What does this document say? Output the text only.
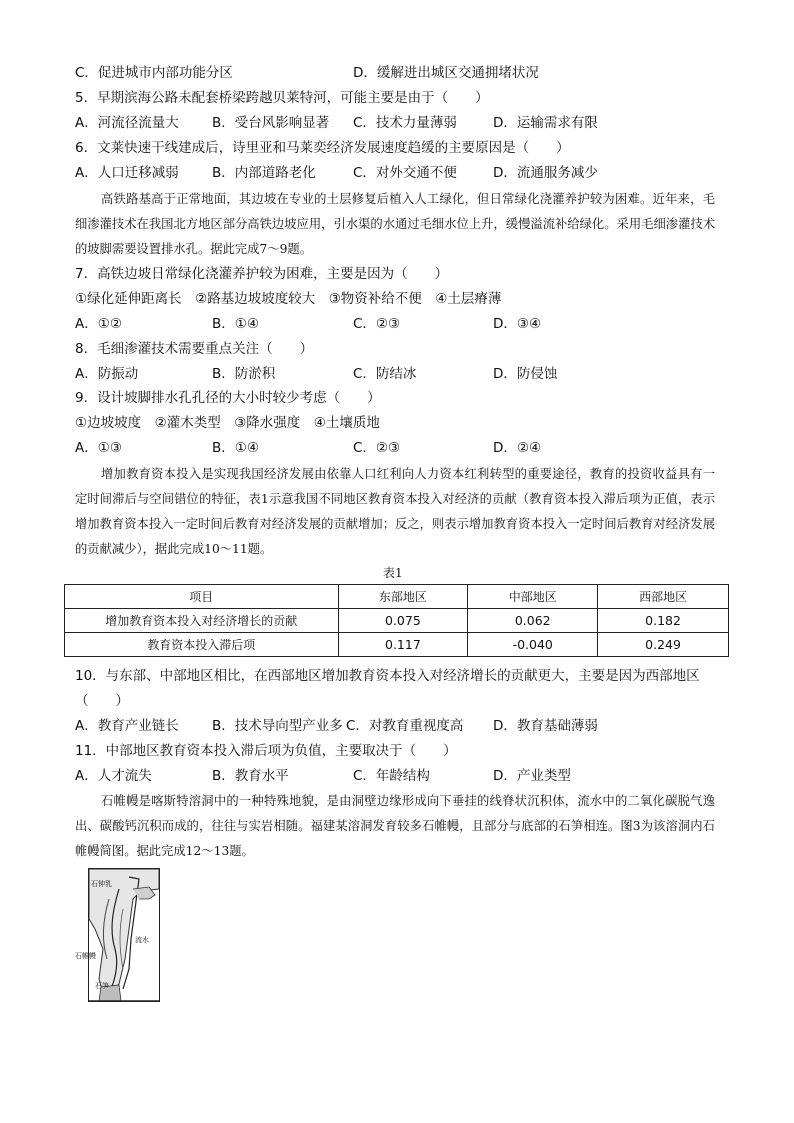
C．促进城市内部功能分区	D．缓解进出城区交通拥堵状况
5．早期滨海公路未配套桥梁跨越贝莱特河，可能主要是由于（　　）
A．河流径流量大 B．受台风影响显著 C．技术力量薄弱	D．运输需求有限
6．文莱快速干线建成后，诗里亚和马莱奕经济发展速度趋缓的主要原因是（　　）
A．人口迁移减弱 B．内部道路老化	C．对外交通不便	D．流通服务减少
高铁路基高于正常地面，其边坡在专业的土层修复后植入人工绿化，但日常绿化浇灌养护较为困难。近年来，毛细渗灌技术在我国北方地区部分高铁边坡应用，引水渠的水通过毛细水位上升，缓慢溢流补给绿化。采用毛细渗灌技术的坡脚需要设置排水孔。据此完成7～9题。
7．高铁边坡日常绿化浇灌养护较为困难，主要是因为（　　）
①绿化延伸距离长　②路基边坡坡度较大　③物资补给不便　④土层瘠薄
A．①②	B．①④	C．②③	D．③④
8．毛细渗灌技术需要重点关注（　　）
A．防振动	B．防淤积	C．防结冰	D．防侵蚀
9．设计坡脚排水孔孔径的大小时较少考虑（　　）
①边坡坡度　②灌木类型　③降水强度　④土壤质地
A．①③	B．①④	C．②③	D．②④
增加教育资本投入是实现我国经济发展由依靠人口红利向人力资本红利转型的重要途径，教育的投资收益具有一定时间滞后与空间错位的特征，表1示意我国不同地区教育资本投入对经济的贡献（教育资本投入滞后项为正值，表示增加教育资本投入一定时间后教育对经济发展的贡献增加；反之，则表示增加教育资本投入一定时间后教育对经济发展的贡献减少），据此完成10～11题。
表1
项目	东部地区	中部地区	西部地区
增加教育资本投入对经济增长的贡献	0.075	0.062	0.182
教育资本投入滞后项	0.117	-0.040	0.249
10．与东部、中部地区相比，在西部地区增加教育资本投入对经济增长的贡献更大，主要是因为西部地区
（　　）
A．教育产业链长 B．技术导向型产业多 C．对教育重视度高 D．教育基础薄弱
11．中部地区教育资本投入滞后项为负值，主要取决于（　　）
A．人才流失	B．教育水平	C．年龄结构	D．产业类型
石帷幔是喀斯特溶洞中的一种特殊地貌，是由洞壁边缘形成向下垂挂的线脊状沉积体，流水中的二氧化碳脱气逸出、碳酸钙沉积而成的，往往与实岩相随。福建某溶洞发育较多石帷幔，且部分与底部的石笋相连。图3为该溶洞内石帷幔简图。据此完成12～13题。
石钟乳
石帷幔
流水
石笋
